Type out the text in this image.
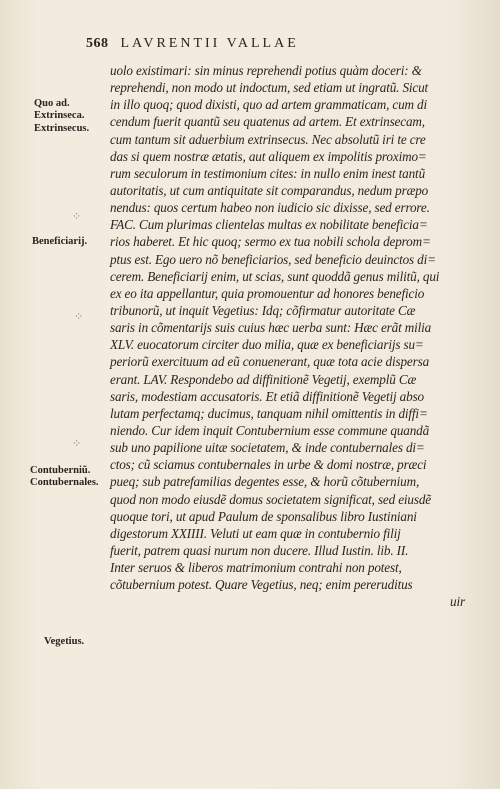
568 LAVRENTII VALLAE
Quo ad.
Extrinseca.
Extrinsecus.
⁘
Beneficiarij.
⁘
⁘
Contuberniũ.
Contubernales.
Vegetius.
uolo existimari: sin minus reprehendi potius quàm doceri: &
reprehendi, non modo ut indoctum, sed etiam ut ingratũ. Sicut
in illo quoq; quod dixisti, quo ad artem grammaticam, cum di
cendum fuerit quantũ seu quatenus ad artem. Et extrinsecam,
cum tantum sit aduerbium extrinsecus. Nec absolutũ iri te cre
das si quem nostræ ætatis, aut aliquem ex impolitis proximo=
rum seculorum in testimonium cites: in nullo enim inest tantũ
autoritatis, ut cum antiquitate sit comparandus, nedum præpo
nendus: quos certum habeo non iudicio sic dixisse, sed errore.
FAC. Cum plurimas clientelas multas ex nobilitate beneficia=
rios haberet. Et hic quoq; sermo ex tua nobili schola deprom=
ptus est. Ego uero nõ beneficiarios, sed beneficio deuinctos di=
cerem. Beneficiarij enim, ut scias, sunt quoddã genus militũ, qui
ex eo ita appellantur, quia promouentur ad honores beneficio
tribunorũ, ut inquit Vegetius: Idq; cõfirmatur autoritate Cæ
saris in cõmentarijs suis cuius hæc uerba sunt: Hæc erãt milia
XLV. euocatorum circiter duo milia, quæ ex beneficiarijs su=
periorũ exercituum ad eũ conuenerant, quæ tota acie dispersa
erant. LAV. Respondebo ad diffinitionẽ Vegetij, exemplũ Cæ
saris, modestiam accusatoris. Et etiã diffinitionẽ Vegetij abso
lutam perfectamq; ducimus, tanquam nihil omittentis in diffi=
niendo. Cur idem inquit Contubernium esse commune quandã
sub uno papilione uitæ societatem, & inde contubernales di=
ctos; cũ sciamus contubernales in urbe & domi nostræ, præci
pueq; sub patrefamilias degentes esse, & horũ cõtubernium,
quod non modo eiusdẽ domus societatem significat, sed eiusdẽ
quoque tori, ut apud Paulum de sponsalibus libro Iustiniani
digestorum XXIIII. Veluti ut eam quæ in contubernio filij
fuerit, patrem quasi nurum non ducere. Illud Iustin. lib. II.
Inter seruos & liberos matrimonium contrahi non potest,
cõtubernium potest. Quare Vegetius, neq; enim pereruditus
uir
